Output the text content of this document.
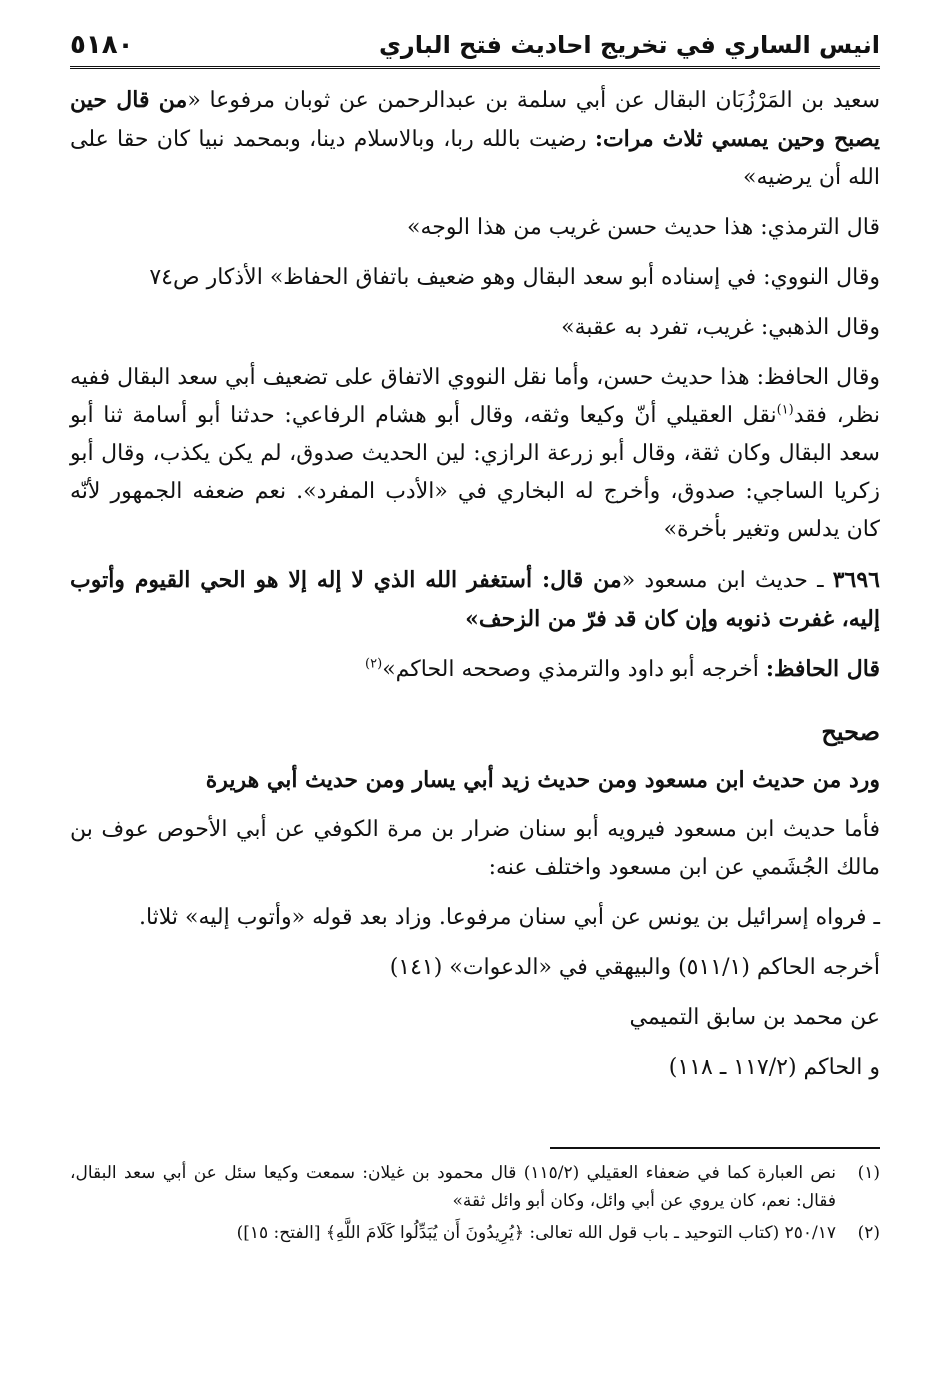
انيس الساري في تخريج احاديث فتح الباري
٥١٨٠

سعيد بن المَرْزُبَان البقال عن أبي سلمة بن عبدالرحمن عن ثوبان مرفوعا «من قال حين يصبح وحين يمسي ثلاث مرات: رضيت بالله ربا، وبالاسلام دينا، وبمحمد نبيا كان حقا على الله أن يرضيه»

قال الترمذي: هذا حديث حسن غريب من هذا الوجه»

وقال النووي: في إسناده أبو سعد البقال وهو ضعيف باتفاق الحفاظ» الأذكار ص٧٤

وقال الذهبي: غريب، تفرد به عقبة»

وقال الحافظ: هذا حديث حسن، وأما نقل النووي الاتفاق على تضعيف أبي سعد البقال ففيه نظر، فقد$^{(١)}$نقل العقيلي أنّ وكيعا وثقه، وقال أبو هشام الرفاعي: حدثنا أبو أسامة ثنا أبو سعد البقال وكان ثقة، وقال أبو زرعة الرازي: لين الحديث صدوق، لم يكن يكذب، وقال أبو زكريا الساجي: صدوق، وأخرج له البخاري في «الأدب المفرد». نعم ضعفه الجمهور لأنّه كان يدلس وتغير بأخرة»

٣٦٩٦ ـ حديث ابن مسعود «من قال: أستغفر الله الذي لا إله إلا هو الحي القيوم وأتوب إليه، غفرت ذنوبه وإن كان قد فرّ من الزحف»

قال الحافظ: أخرجه أبو داود والترمذي وصححه الحاكم»$^{(٢)}$

صحيح

ورد من حديث ابن مسعود ومن حديث زيد أبي يسار ومن حديث أبي هريرة

فأما حديث ابن مسعود فيرويه أبو سنان ضرار بن مرة الكوفي عن أبي الأحوص عوف بن مالك الجُشَمي عن ابن مسعود واختلف عنه:

ـ فرواه إسرائيل بن يونس عن أبي سنان مرفوعا. وزاد بعد قوله «وأتوب إليه» ثلاثا.

أخرجه الحاكم (٥١١/١) والبيهقي في «الدعوات» (١٤١)

عن محمد بن سابق التميمي

و الحاكم (١١٧/٢ ـ ١١٨)

(١)
نص العبارة كما في ضعفاء العقيلي (١١٥/٢) قال محمود بن غيلان: سمعت وكيعا سئل عن أبي سعد البقال، فقال: نعم، كان يروي عن أبي وائل، وكان أبو وائل ثقة»
(٢)
٢٥٠/١٧ (كتاب التوحيد ـ باب قول الله تعالى: ﴿يُرِيدُونَ أَن يُبَدِّلُوا كَلَامَ اللَّهِ﴾ [الفتح: ١٥])
